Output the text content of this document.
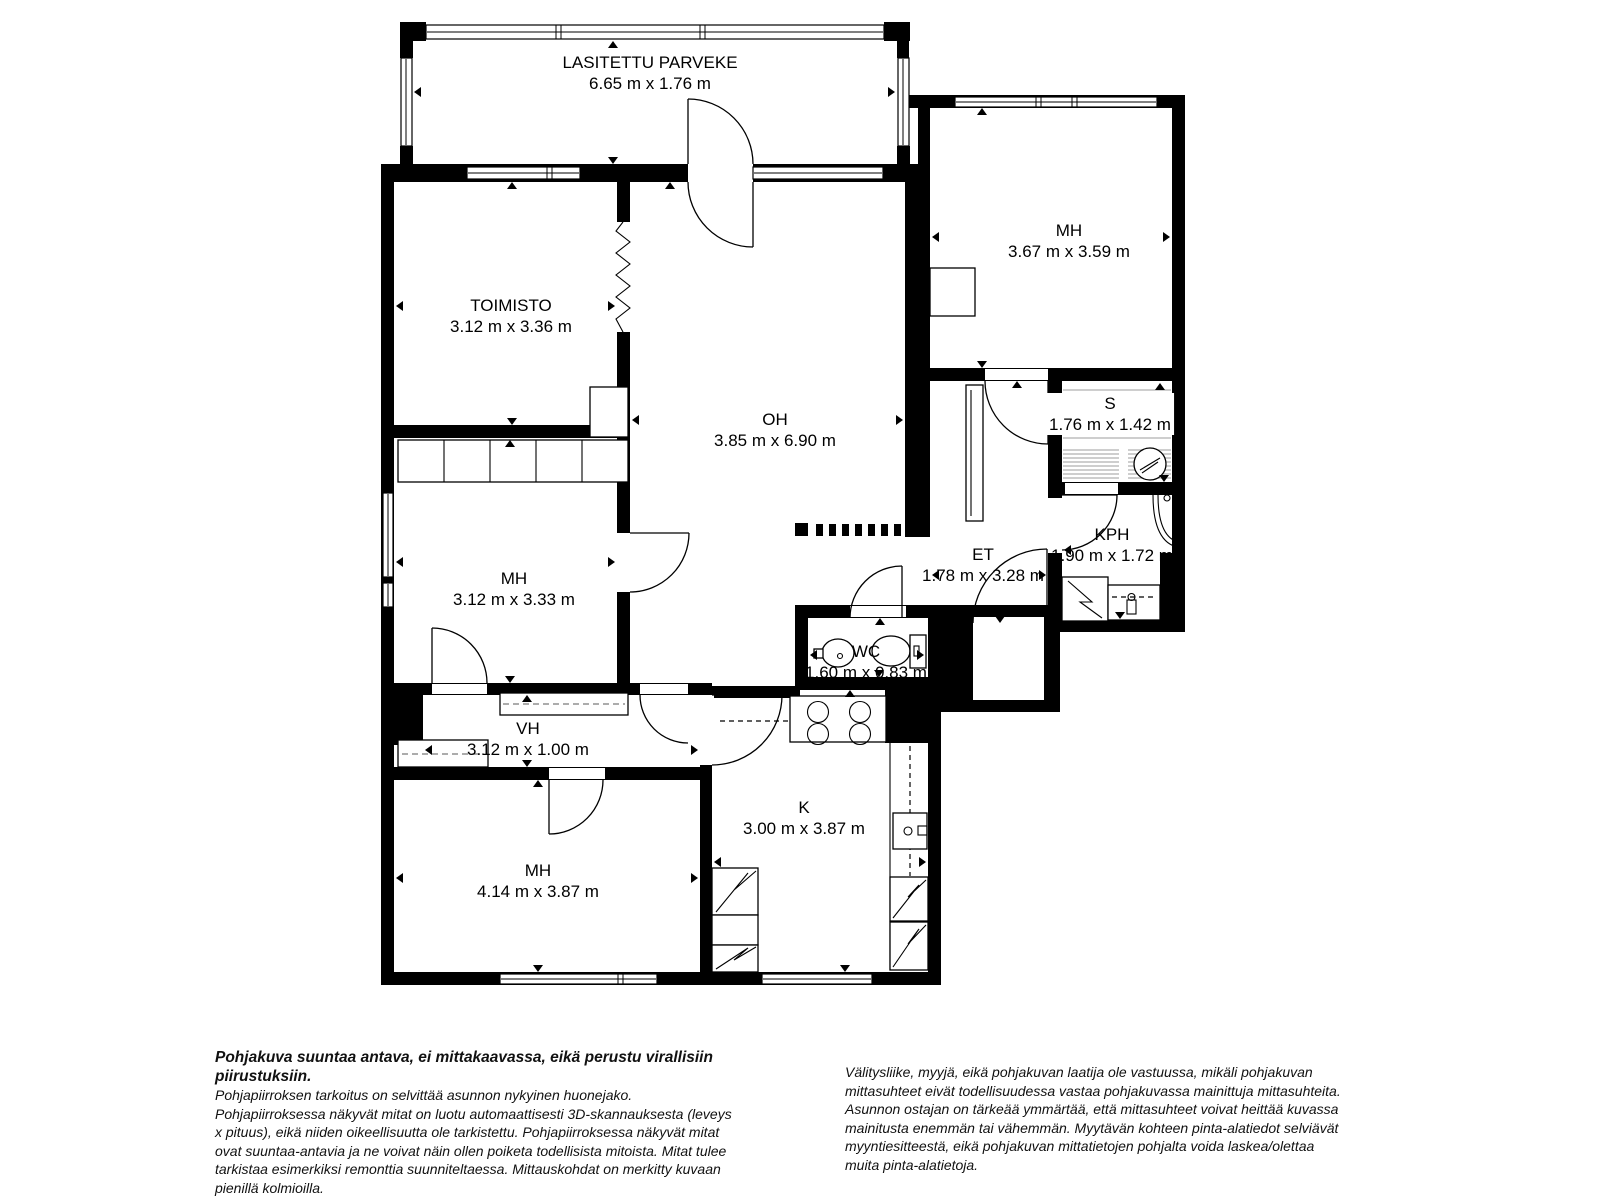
LASITETTU PARVEKE
6.65 m x 1.76 m
MH
3.67 m x 3.59 m
TOIMISTO
3.12 m x 3.36 m
OH
3.85 m x 6.90 m
S
1.76 m x 1.42 m
KPH
1.90 m x 1.72 m
ET
1.78 m x 3.28 m
WC
1.60 m x 0.83 m
MH
3.12 m x 3.33 m
VH
3.12 m x 1.00 m
MH
4.14 m x 3.87 m
K
3.00 m x 3.87 m
Pohjakuva suuntaa antava, ei mittakaavassa, eikä perustu virallisiin piirustuksiin.
Pohjapiirroksen tarkoitus on selvittää asunnon nykyinen huonejako. Pohjapiirroksessa näkyvät mitat on luotu automaattisesti 3D-skannauksesta (leveys x pituus), eikä niiden oikeellisuutta ole tarkistettu. Pohjapiirroksessa näkyvät mitat ovat suuntaa-antavia ja ne voivat näin ollen poiketa todellisista mitoista. Mitat tulee tarkistaa esimerkiksi remonttia suunniteltaessa. Mittauskohdat on merkitty kuvaan pienillä kolmioilla.
Välitysliike, myyjä, eikä pohjakuvan laatija ole vastuussa, mikäli pohjakuvan mittasuhteet eivät todellisuudessa vastaa pohjakuvassa mainittuja mittasuhteita. Asunnon ostajan on tärkeää ymmärtää, että mittasuhteet voivat heittää kuvassa mainitusta enemmän tai vähemmän. Myytävän kohteen pinta-alatiedot selviävät myyntiesitteestä, eikä pohjakuvan mittatietojen pohjalta voida laskea/olettaa muita pinta-alatietoja.
